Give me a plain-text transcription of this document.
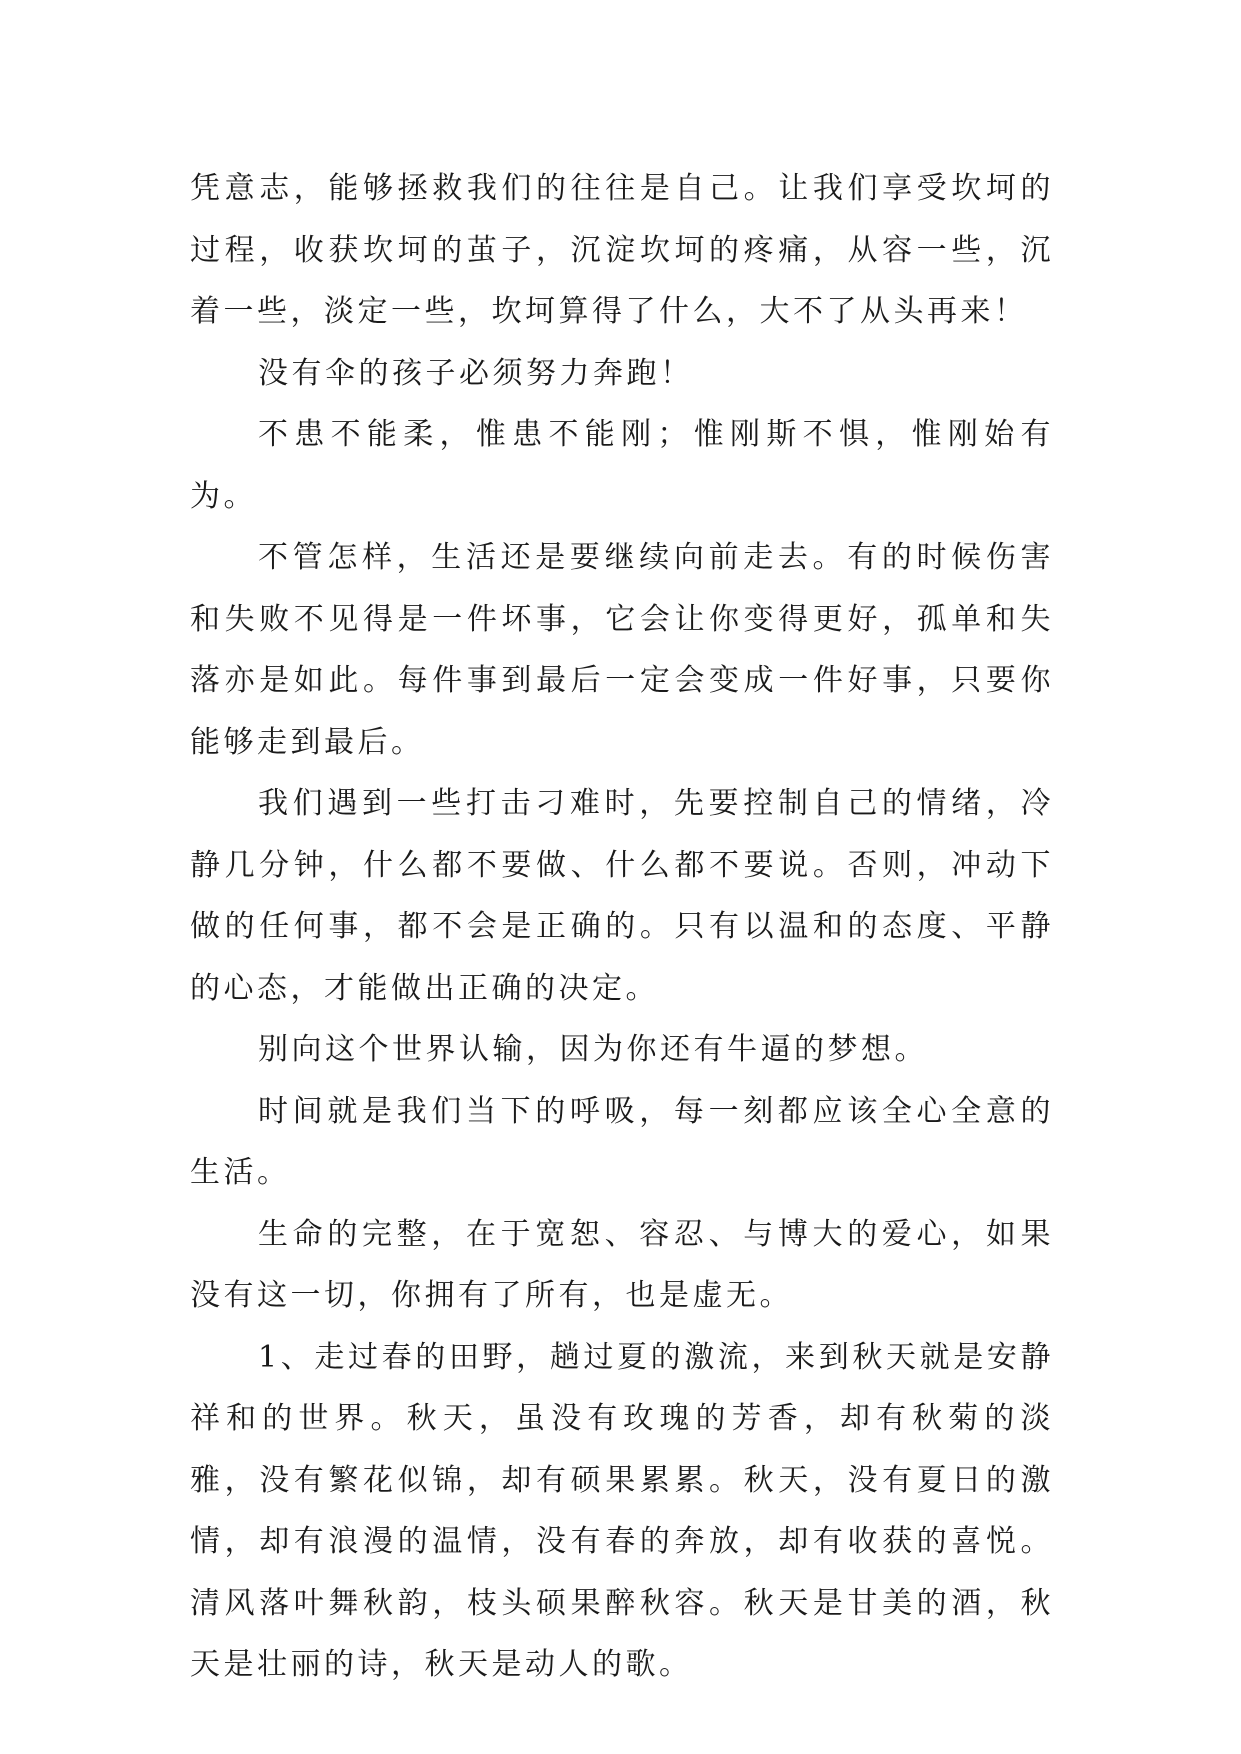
凭意志，能够拯救我们的往往是自己。让我们享受坎坷的过程，收获坎坷的茧子，沉淀坎坷的疼痛，从容一些，沉着一些，淡定一些，坎坷算得了什么，大不了从头再来！

没有伞的孩子必须努力奔跑！

不患不能柔，惟患不能刚；惟刚斯不惧，惟刚始有为。

不管怎样，生活还是要继续向前走去。有的时候伤害和失败不见得是一件坏事，它会让你变得更好，孤单和失落亦是如此。每件事到最后一定会变成一件好事，只要你能够走到最后。

我们遇到一些打击刁难时，先要控制自己的情绪，冷静几分钟，什么都不要做、什么都不要说。否则，冲动下做的任何事，都不会是正确的。只有以温和的态度、平静的心态，才能做出正确的决定。

别向这个世界认输，因为你还有牛逼的梦想。

时间就是我们当下的呼吸，每一刻都应该全心全意的生活。

生命的完整，在于宽恕、容忍、与博大的爱心，如果没有这一切，你拥有了所有，也是虚无。

1、走过春的田野，趟过夏的激流，来到秋天就是安静祥和的世界。秋天，虽没有玫瑰的芳香，却有秋菊的淡雅，没有繁花似锦，却有硕果累累。秋天，没有夏日的激情，却有浪漫的温情，没有春的奔放，却有收获的喜悦。清风落叶舞秋韵，枝头硕果醉秋容。秋天是甘美的酒，秋天是壮丽的诗，秋天是动人的歌。
